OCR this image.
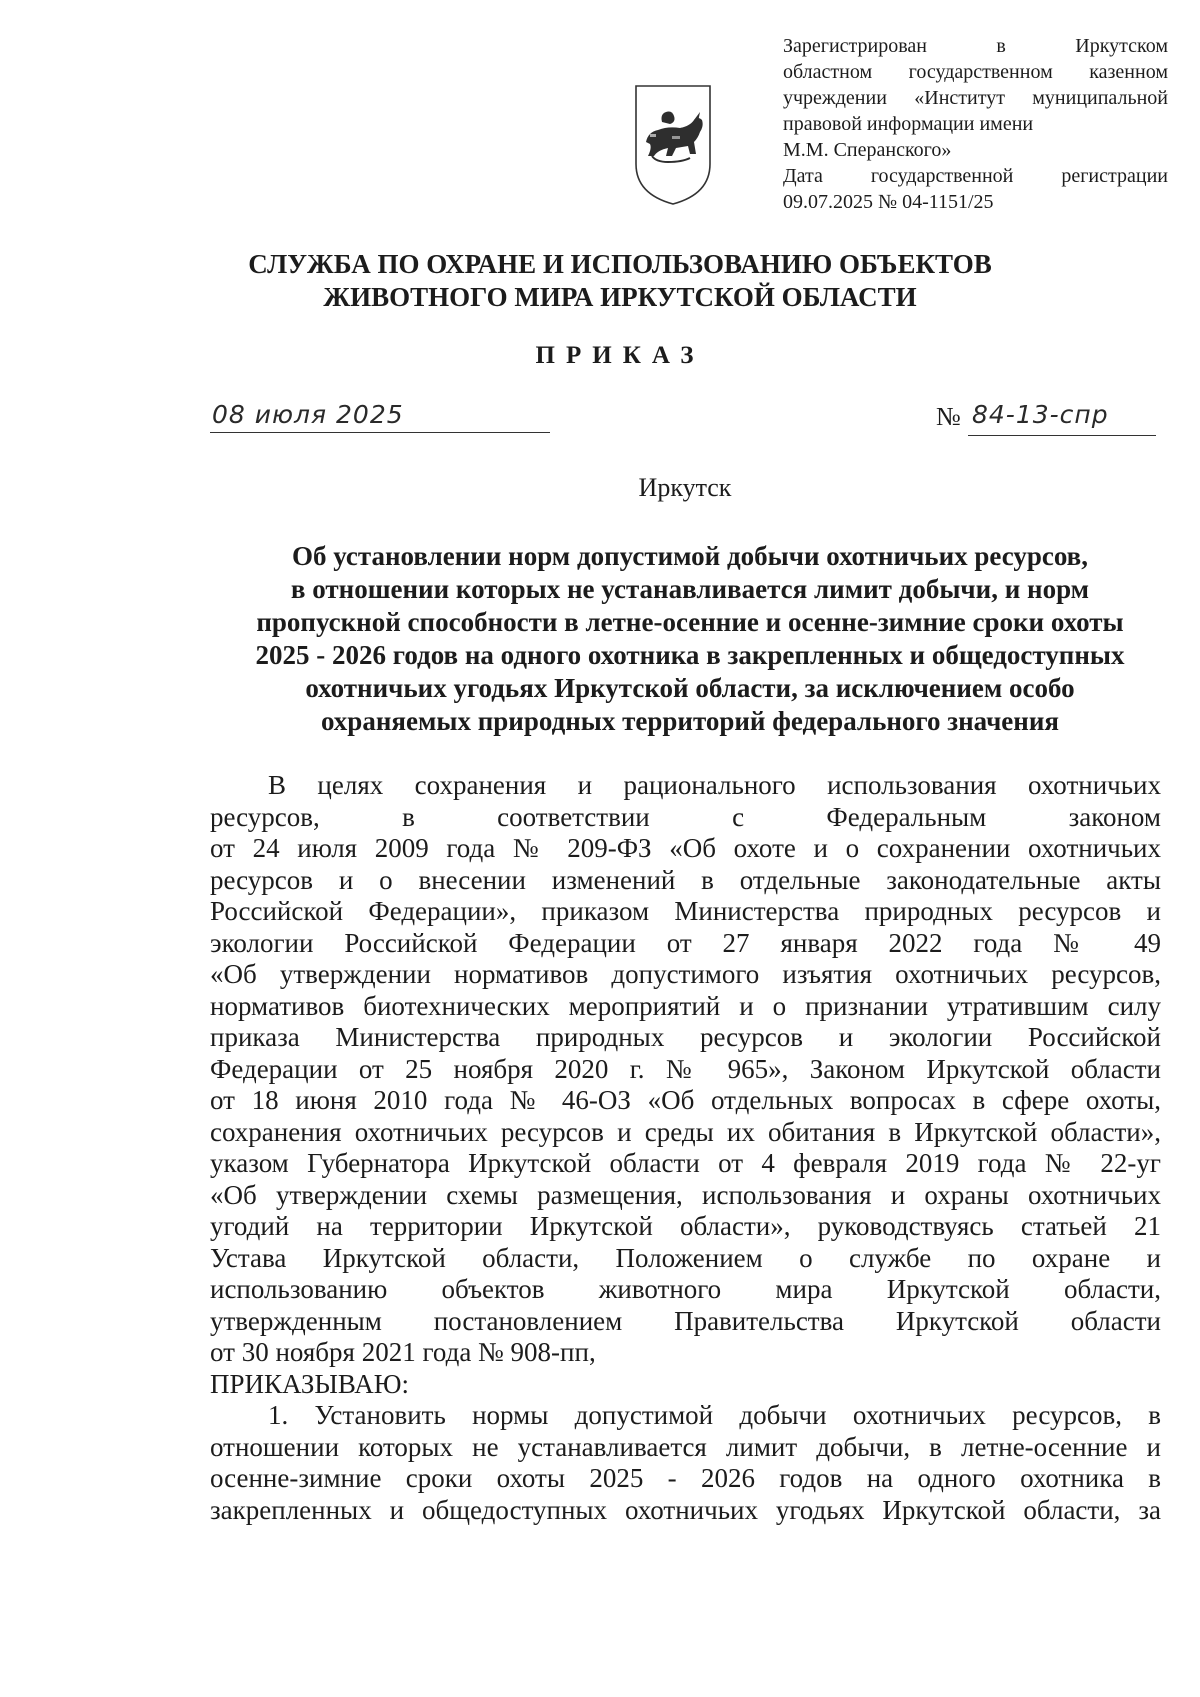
Зарегистрирован в Иркутском
областном государственном казенном
учреждении «Институт муниципальной
правовой информации имени
М.М. Сперанского»
Дата государственной регистрации
09.07.2025 № 04-1151/25
СЛУЖБА ПО ОХРАНЕ И ИСПОЛЬЗОВАНИЮ ОБЪЕКТОВ
ЖИВОТНОГО МИРА ИРКУТСКОЙ ОБЛАСТИ
ПРИКАЗ
08 июля 2025	№ 84-13-спр
Иркутск
Об установлении норм допустимой добычи охотничьих ресурсов,
в отношении которых не устанавливается лимит добычи, и норм
пропускной способности в летне-осенние и осенне-зимние сроки охоты
2025 - 2026 годов на одного охотника в закрепленных и общедоступных
охотничьих угодьях Иркутской области, за исключением особо
охраняемых природных территорий федерального значения
В целях сохранения и рационального использования охотничьих
ресурсов, в соответствии с Федеральным законом
от 24 июля 2009 года № 209-ФЗ «Об охоте и о сохранении охотничьих
ресурсов и о внесении изменений в отдельные законодательные акты
Российской Федерации», приказом Министерства природных ресурсов и
экологии Российской Федерации от 27 января 2022 года № 49
«Об утверждении нормативов допустимого изъятия охотничьих ресурсов,
нормативов биотехнических мероприятий и о признании утратившим силу
приказа Министерства природных ресурсов и экологии Российской
Федерации от 25 ноября 2020 г. № 965», Законом Иркутской области
от 18 июня 2010 года № 46-ОЗ «Об отдельных вопросах в сфере охоты,
сохранения охотничьих ресурсов и среды их обитания в Иркутской области»,
указом Губернатора Иркутской области от 4 февраля 2019 года № 22-уг
«Об утверждении схемы размещения, использования и охраны охотничьих
угодий на территории Иркутской области», руководствуясь статьей 21
Устава Иркутской области, Положением о службе по охране и
использованию объектов животного мира Иркутской области,
утвержденным постановлением Правительства Иркутской области
от 30 ноября 2021 года № 908-пп,
ПРИКАЗЫВАЮ:
1. Установить нормы допустимой добычи охотничьих ресурсов, в
отношении которых не устанавливается лимит добычи, в летне-осенние и
осенне-зимние сроки охоты 2025 - 2026 годов на одного охотника в
закрепленных и общедоступных охотничьих угодьях Иркутской области, за
